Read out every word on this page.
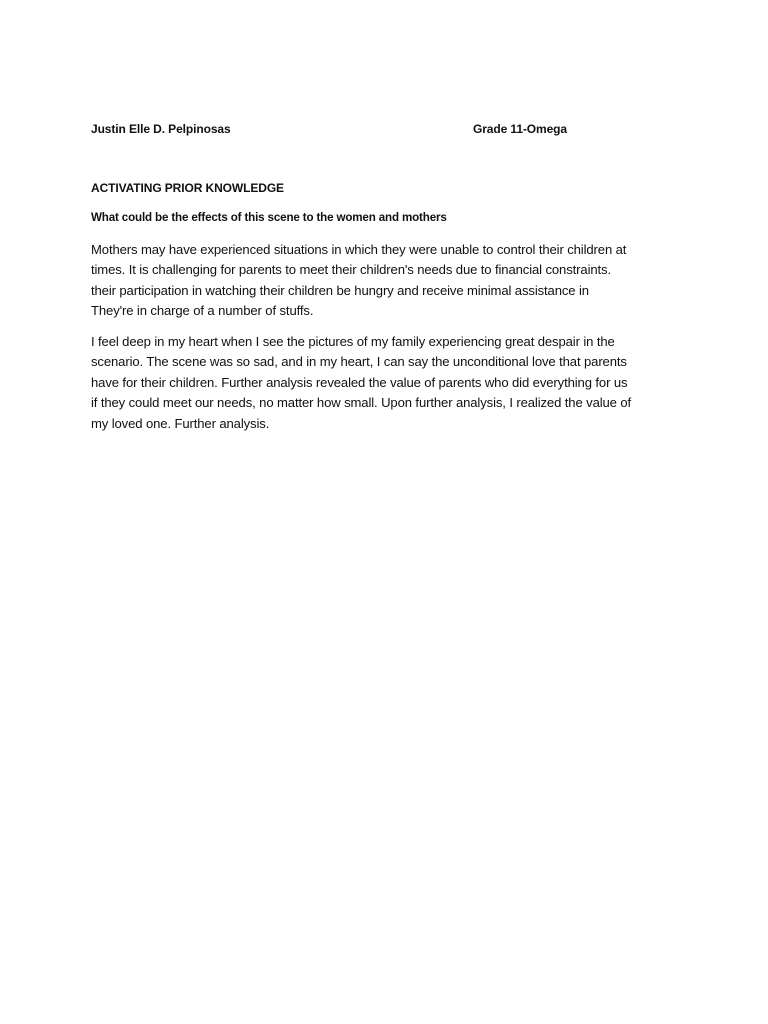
Justin Elle D. Pelpinosas	Grade 11-Omega
ACTIVATING PRIOR KNOWLEDGE
What could be the effects of this scene to the women and mothers
Mothers may have experienced situations in which they were unable to control their children at
times. It is challenging for parents to meet their children's needs due to financial constraints.
their participation in watching their children be hungry and receive minimal assistance in
They're in charge of a number of stuffs.
I feel deep in my heart when I see the pictures of my family experiencing great despair in the
scenario. The scene was so sad, and in my heart, I can say the unconditional love that parents
have for their children. Further analysis revealed the value of parents who did everything for us
if they could meet our needs, no matter how small. Upon further analysis, I realized the value of
my loved one. Further analysis.
